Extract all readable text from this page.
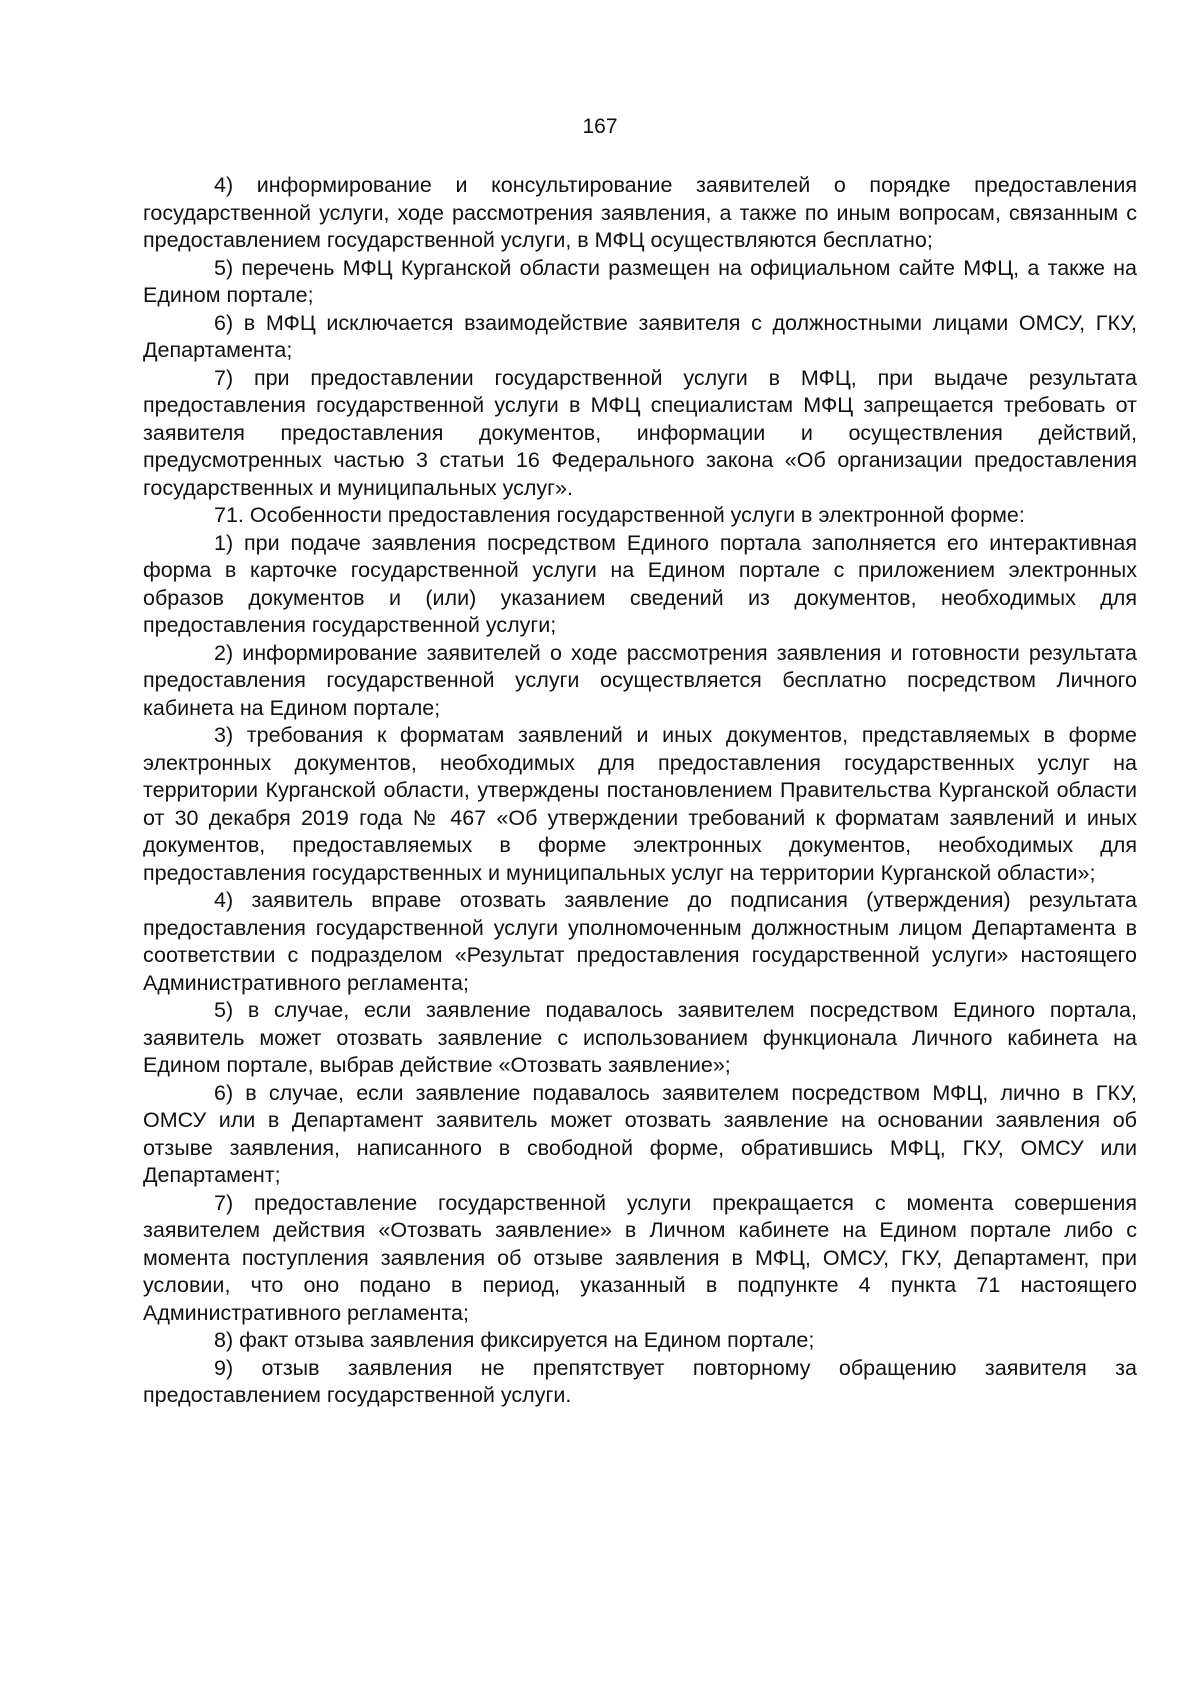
167

4) информирование и консультирование заявителей о порядке предоставления государственной услуги, ходе рассмотрения заявления, а также по иным вопросам, связанным с предоставлением государственной услуги, в МФЦ осуществляются бесплатно;

5) перечень МФЦ Курганской области размещен на официальном сайте МФЦ, а также на Едином портале;

6) в МФЦ исключается взаимодействие заявителя с должностными лицами ОМСУ, ГКУ, Департамента;

7) при предоставлении государственной услуги в МФЦ, при выдаче результата предоставления государственной услуги в МФЦ специалистам МФЦ запрещается требовать от заявителя предоставления документов, информации и осуществления действий, предусмотренных частью 3 статьи 16 Федерального закона «Об организации предоставления государственных и муниципальных услуг».

71. Особенности предоставления государственной услуги в электронной форме:

1) при подаче заявления посредством Единого портала заполняется его интерактивная форма в карточке государственной услуги на Едином портале с приложением электронных образов документов и (или) указанием сведений из документов, необходимых для предоставления государственной услуги;

2) информирование заявителей о ходе рассмотрения заявления и готовности результата предоставления государственной услуги осуществляется бесплатно посредством Личного кабинета на Едином портале;

3) требования к форматам заявлений и иных документов, представляемых в форме электронных документов, необходимых для предоставления государственных услуг на территории Курганской области, утверждены постановлением Правительства Курганской области от 30 декабря 2019 года № 467 «Об утверждении требований к форматам заявлений и иных документов, предоставляемых в форме электронных документов, необходимых для предоставления государственных и муниципальных услуг на территории Курганской области»;

4) заявитель вправе отозвать заявление до подписания (утверждения) результата предоставления государственной услуги уполномоченным должностным лицом Департамента в соответствии с подразделом «Результат предоставления государственной услуги» настоящего Административного регламента;

5) в случае, если заявление подавалось заявителем посредством Единого портала, заявитель может отозвать заявление с использованием функционала Личного кабинета на Едином портале, выбрав действие «Отозвать заявление»;

6) в случае, если заявление подавалось заявителем посредством МФЦ, лично в ГКУ, ОМСУ или в Департамент заявитель может отозвать заявление на основании заявления об отзыве заявления, написанного в свободной форме, обратившись МФЦ, ГКУ, ОМСУ или Департамент;

7) предоставление государственной услуги прекращается с момента совершения заявителем действия «Отозвать заявление» в Личном кабинете на Едином портале либо с момента поступления заявления об отзыве заявления в МФЦ, ОМСУ, ГКУ, Департамент, при условии, что оно подано в период, указанный в подпункте 4 пункта 71 настоящего Административного регламента;

8) факт отзыва заявления фиксируется на Едином портале;

9) отзыв заявления не препятствует повторному обращению заявителя за предоставлением государственной услуги.
